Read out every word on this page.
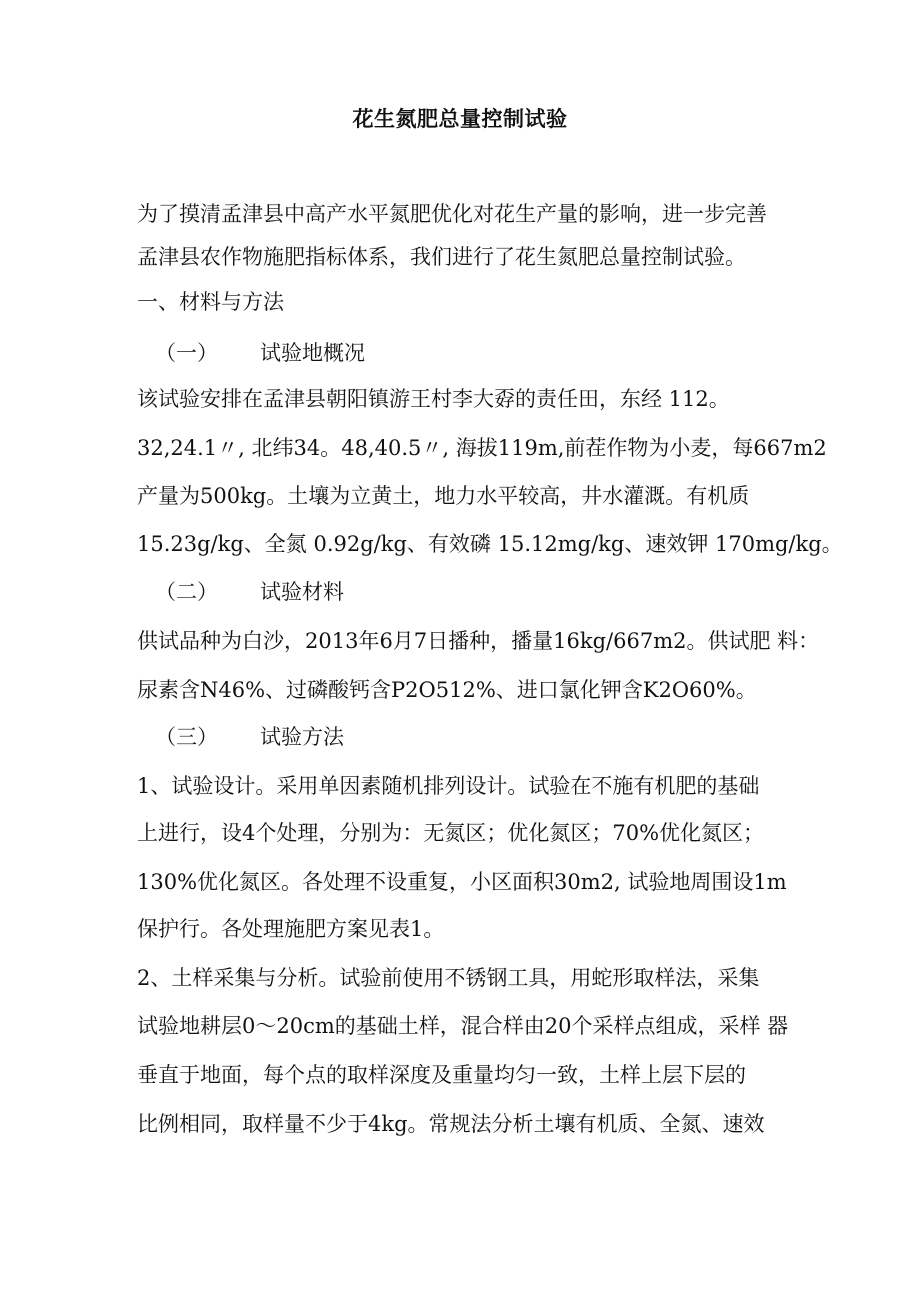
花生氮肥总量控制试验
为了摸清孟津县中高产水平氮肥优化对花生产量的影响，进一步完善
孟津县农作物施肥指标体系，我们进行了花生氮肥总量控制试验。
一、材料与方法
（一） 试验地概况
该试验安排在孟津县朝阳镇游王村李大孬的责任田，东经 112。
32,24.1〃, 北纬34。48,40.5〃, 海拔119m,前茬作物为小麦，每667m2
产量为500kg。土壤为立黄土，地力水平较高，井水灌溉。有机质
15.23g/kg、全氮 0.92g/kg、有效磷 15.12mg/kg、速效钾 170mg/kg。
（二） 试验材料
供试品种为白沙，2013年6月7日播种，播量16kg/667m2。供试肥 料：
尿素含N46%、过磷酸钙含P2O512%、进口氯化钾含K2O60%。
（三） 试验方法
1、试验设计。采用单因素随机排列设计。试验在不施有机肥的基础
上进行，设4个处理，分别为：无氮区；优化氮区；70%优化氮区；
130%优化氮区。各处理不设重复，小区面积30m2, 试验地周围设1m
保护行。各处理施肥方案见表1。
2、土样采集与分析。试验前使用不锈钢工具，用蛇形取样法，采集
试验地耕层0〜20cm的基础土样，混合样由20个采样点组成，采样 器
垂直于地面，每个点的取样深度及重量均匀一致，土样上层下层的
比例相同，取样量不少于4kg。常规法分析土壤有机质、全氮、速效
